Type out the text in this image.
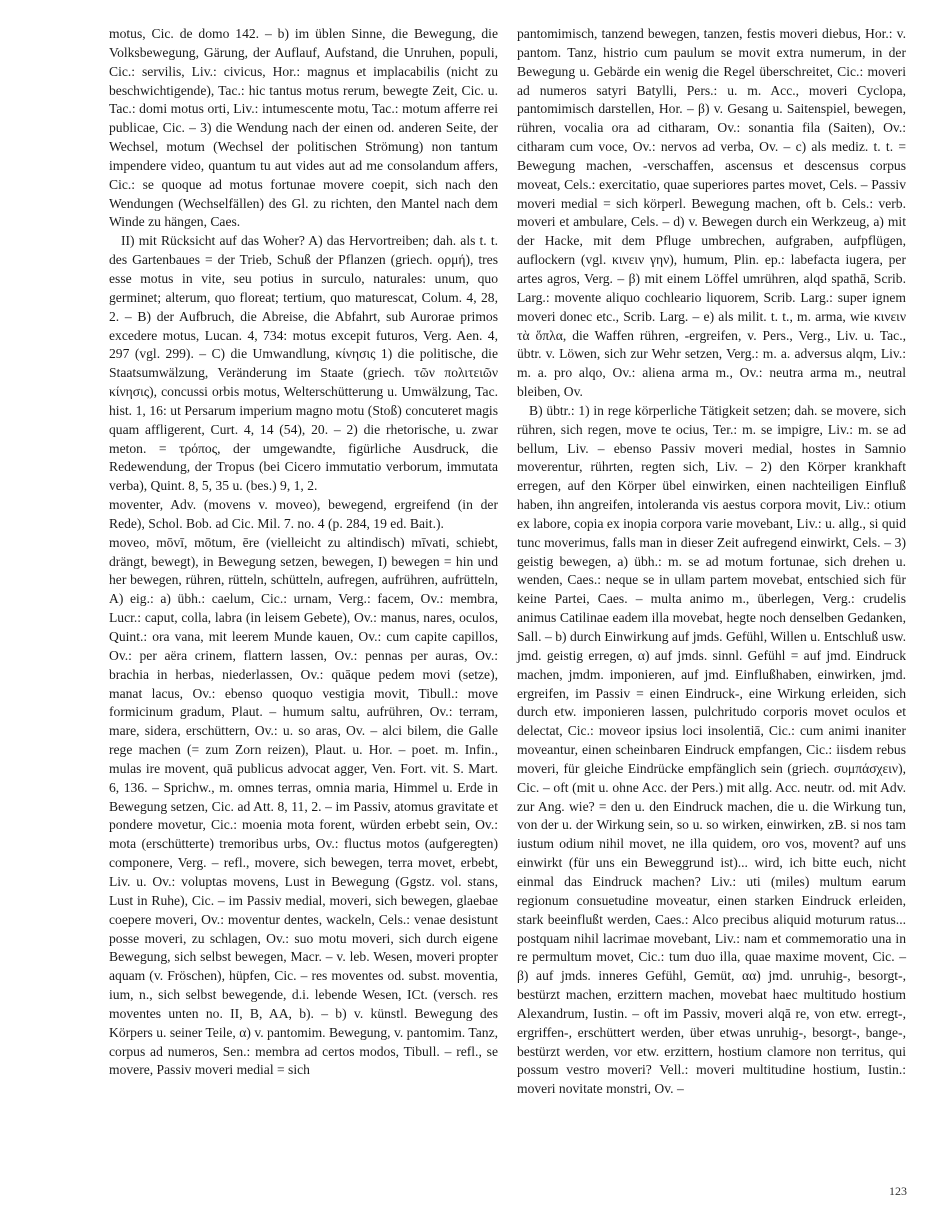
motus, Cic. de domo 142. – b) im üblen Sinne, die Bewegung, die Volksbewegung, Gärung, der Auflauf, Aufstand, die Unruhen, populi, Cic.: servilis, Liv.: civicus, Hor.: magnus et implacabilis (nicht zu beschwichtigende), Tac.: hic tantus motus rerum, bewegte Zeit, Cic. u. Tac.: domi motus orti, Liv.: intumescente motu, Tac.: motum afferre rei publicae, Cic. – 3) die Wendung nach der einen od. anderen Seite, der Wechsel, motum (Wechsel der politischen Strömung) non tantum impendere video, quantum tu aut vides aut ad me consolandum affers, Cic.: se quoque ad motus fortunae movere coepit, sich nach den Wendungen (Wechselfällen) des Gl. zu richten, den Mantel nach dem Winde zu hängen, Caes.

II) mit Rücksicht auf das Woher? A) das Hervortreiben; dah. als t. t. des Gartenbaues = der Trieb, Schuß der Pflanzen (griech. ορμή), tres esse motus in vite, seu potius in surculo, naturales: unum, quo germinet; alterum, quo floreat; tertium, quo maturescat, Colum. 4, 28, 2. – B) der Aufbruch, die Abreise, die Abfahrt, sub Aurorae primos excedere motus, Lucan. 4, 734: motus excepit futuros, Verg. Aen. 4, 297 (vgl. 299). – C) die Umwandlung, κίνησις 1) die politische, die Staatsumwälzung, Veränderung im Staate (griech. τῶν πολιτειῶν κίνησις), concussi orbis motus, Welterschütterung u. Umwälzung, Tac. hist. 1, 16: ut Persarum imperium magno motu (Stoß) concuteret magis quam affligerent, Curt. 4, 14 (54), 20. – 2) die rhetorische, u. zwar meton. = τρόπος, der umgewandte, figürliche Ausdruck, die Redewendung, der Tropus (bei Cicero immutatio verborum, immutata verba), Quint. 8, 5, 35 u. (bes.) 9, 1, 2.

moventer, Adv. (movens v. moveo), bewegend, ergreifend (in der Rede), Schol. Bob. ad Cic. Mil. 7. no. 4 (p. 284, 19 ed. Bait.).

moveo, mōvī, mōtum, ēre (vielleicht zu altindisch) mīvati, schiebt, drängt, bewegt), in Bewegung setzen, bewegen, I) bewegen = hin und her bewegen, rühren, rütteln, schütteln, aufregen, aufrühren, aufrütteln, A) eig.: a) übh.: caelum, Cic.: urnam, Verg.: facem, Ov.: membra, Lucr.: caput, colla, labra (in leisem Gebete), Ov.: manus, nares, oculos, Quint.: ora vana, mit leerem Munde kauen, Ov.: cum capite capillos, Ov.: per aëra crinem, flattern lassen, Ov.: pennas per auras, Ov.: brachia in herbas, niederlassen, Ov.: quāque pedem movi (setze), manat lacus, Ov.: ebenso quoquo vestigia movit, Tibull.: move formicinum gradum, Plaut. – humum saltu, aufrühren, Ov.: terram, mare, sidera, erschüttern, Ov.: u. so aras, Ov. – alci bilem, die Galle rege machen (= zum Zorn reizen), Plaut. u. Hor. – poet. m. Infin., mulas ire movent, quā publicus advocat agger, Ven. Fort. vit. S. Mart. 6, 136. – Sprichw., m. omnes terras, omnia maria, Himmel u. Erde in Bewegung setzen, Cic. ad Att. 8, 11, 2. – im Passiv, atomus gravitate et pondere movetur, Cic.: moenia mota forent, würden erbebt sein, Ov.: mota (erschütterte) tremoribus urbs, Ov.: fluctus motos (aufgeregten) componere, Verg. – refl., movere, sich bewegen, terra movet, erbebt, Liv. u. Ov.: voluptas movens, Lust in Bewegung (Ggstz. vol. stans, Lust in Ruhe), Cic. – im Passiv medial, moveri, sich bewegen, glaebae coepere moveri, Ov.: moventur dentes, wackeln, Cels.: venae desistunt posse moveri, zu schlagen, Ov.: suo motu moveri, sich durch eigene Bewegung, sich selbst bewegen, Macr. – v. leb. Wesen, moveri propter aquam (v. Fröschen), hüpfen, Cic. – res moventes od. subst. moventia, ium, n., sich selbst bewegende, d.i. lebende Wesen, ICt. (versch. res moventes unten no. II, B, AA, b). – b) v. künstl. Bewegung des Körpers u. seiner Teile, α) v. pantomim. Bewegung, v. pantomim. Tanz, corpus ad numeros, Sen.: membra ad certos modos, Tibull. – refl., se movere, Passiv moveri medial = sich

pantomimisch, tanzend bewegen, tanzen, festis moveri diebus, Hor.: v. pantom. Tanz, histrio cum paulum se movit extra numerum, in der Bewegung u. Gebärde ein wenig die Regel überschreitet, Cic.: moveri ad numeros satyri Batylli, Pers.: u. m. Acc., moveri Cyclopa, pantomimisch darstellen, Hor. – β) v. Gesang u. Saitenspiel, bewegen, rühren, vocalia ora ad citharam, Ov.: sonantia fila (Saiten), Ov.: citharam cum voce, Ov.: nervos ad verba, Ov. – c) als mediz. t. t. = Bewegung machen, -verschaffen, ascensus et descensus corpus moveat, Cels.: exercitatio, quae superiores partes movet, Cels. – Passiv moveri medial = sich körperl. Bewegung machen, oft b. Cels.: verb. moveri et ambulare, Cels. – d) v. Bewegen durch ein Werkzeug, a) mit der Hacke, mit dem Pfluge umbrechen, aufgraben, aufpflügen, auflockern (vgl. κινειν γην), humum, Plin. ep.: labefacta iugera, per artes agros, Verg. – β) mit einem Löffel umrühren, alqd spathā, Scrib. Larg.: movente aliquo cochleario liquorem, Scrib. Larg.: super ignem moveri donec etc., Scrib. Larg. – e) als milit. t. t., m. arma, wie κινειν τὰ ὅπλα, die Waffen rühren, -ergreifen, v. Pers., Verg., Liv. u. Tac., übtr. v. Löwen, sich zur Wehr setzen, Verg.: m. a. adversus alqm, Liv.: m. a. pro alqo, Ov.: aliena arma m., Ov.: neutra arma m., neutral bleiben, Ov.

B) übtr.: 1) in rege körperliche Tätigkeit setzen; dah. se movere, sich rühren, sich regen, move te ocius, Ter.: m. se impigre, Liv.: m. se ad bellum, Liv. – ebenso Passiv moveri medial, hostes in Samnio moverentur, rührten, regten sich, Liv. – 2) den Körper krankhaft erregen, auf den Körper übel einwirken, einen nachteiligen Einfluß haben, ihn angreifen, intoleranda vis aestus corpora movit, Liv.: otium ex labore, copia ex inopia corpora varie movebant, Liv.: u. allg., si quid tunc moverimus, falls man in dieser Zeit aufregend einwirkt, Cels. – 3) geistig bewegen, a) übh.: m. se ad motum fortunae, sich drehen u. wenden, Caes.: neque se in ullam partem movebat, entschied sich für keine Partei, Caes. – multa animo m., überlegen, Verg.: crudelis animus Catilinae eadem illa movebat, hegte noch denselben Gedanken, Sall. – b) durch Einwirkung auf jmds. Gefühl, Willen u. Entschluß usw. jmd. geistig erregen, α) auf jmds. sinnl. Gefühl = auf jmd. Eindruck machen, jmdm. imponieren, auf jmd. Einflußhaben, einwirken, jmd. ergreifen, im Passiv = einen Eindruck-, eine Wirkung erleiden, sich durch etw. imponieren lassen, pulchritudo corporis movet oculos et delectat, Cic.: moveor ipsius loci insolentiā, Cic.: cum animi inaniter moveantur, einen scheinbaren Eindruck empfangen, Cic.: iisdem rebus moveri, für gleiche Eindrücke empfänglich sein (griech. συμπάσχειν), Cic. – oft (mit u. ohne Acc. der Pers.) mit allg. Acc. neutr. od. mit Adv. zur Ang. wie? = den u. den Eindruck machen, die u. die Wirkung tun, von der u. der Wirkung sein, so u. so wirken, einwirken, zB. si nos tam iustum odium nihil movet, ne illa quidem, oro vos, movent? auf uns einwirkt (für uns ein Beweggrund ist)... wird, ich bitte euch, nicht einmal das Eindruck machen? Liv.: uti (miles) multum earum regionum consuetudine moveatur, einen starken Eindruck erleiden, stark beeinflußt werden, Caes.: Alco precibus aliquid moturum ratus... postquam nihil lacrimae movebant, Liv.: nam et commemoratio una in re permultum movet, Cic.: tum duo illa, quae maxime movent, Cic. – β) auf jmds. inneres Gefühl, Gemüt, αα) jmd. unruhig-, besorgt-, bestürzt machen, erzittern machen, movebat haec multitudo hostium Alexandrum, Iustin. – oft im Passiv, moveri alqā re, von etw. erregt-, ergriffen-, erschüttert werden, über etwas unruhig-, besorgt-, bange-, bestürzt werden, vor etw. erzittern, hostium clamore non territus, qui possum vestro moveri? Vell.: moveri multitudine hostium, Iustin.: moveri novitate monstri, Ov. –

123
